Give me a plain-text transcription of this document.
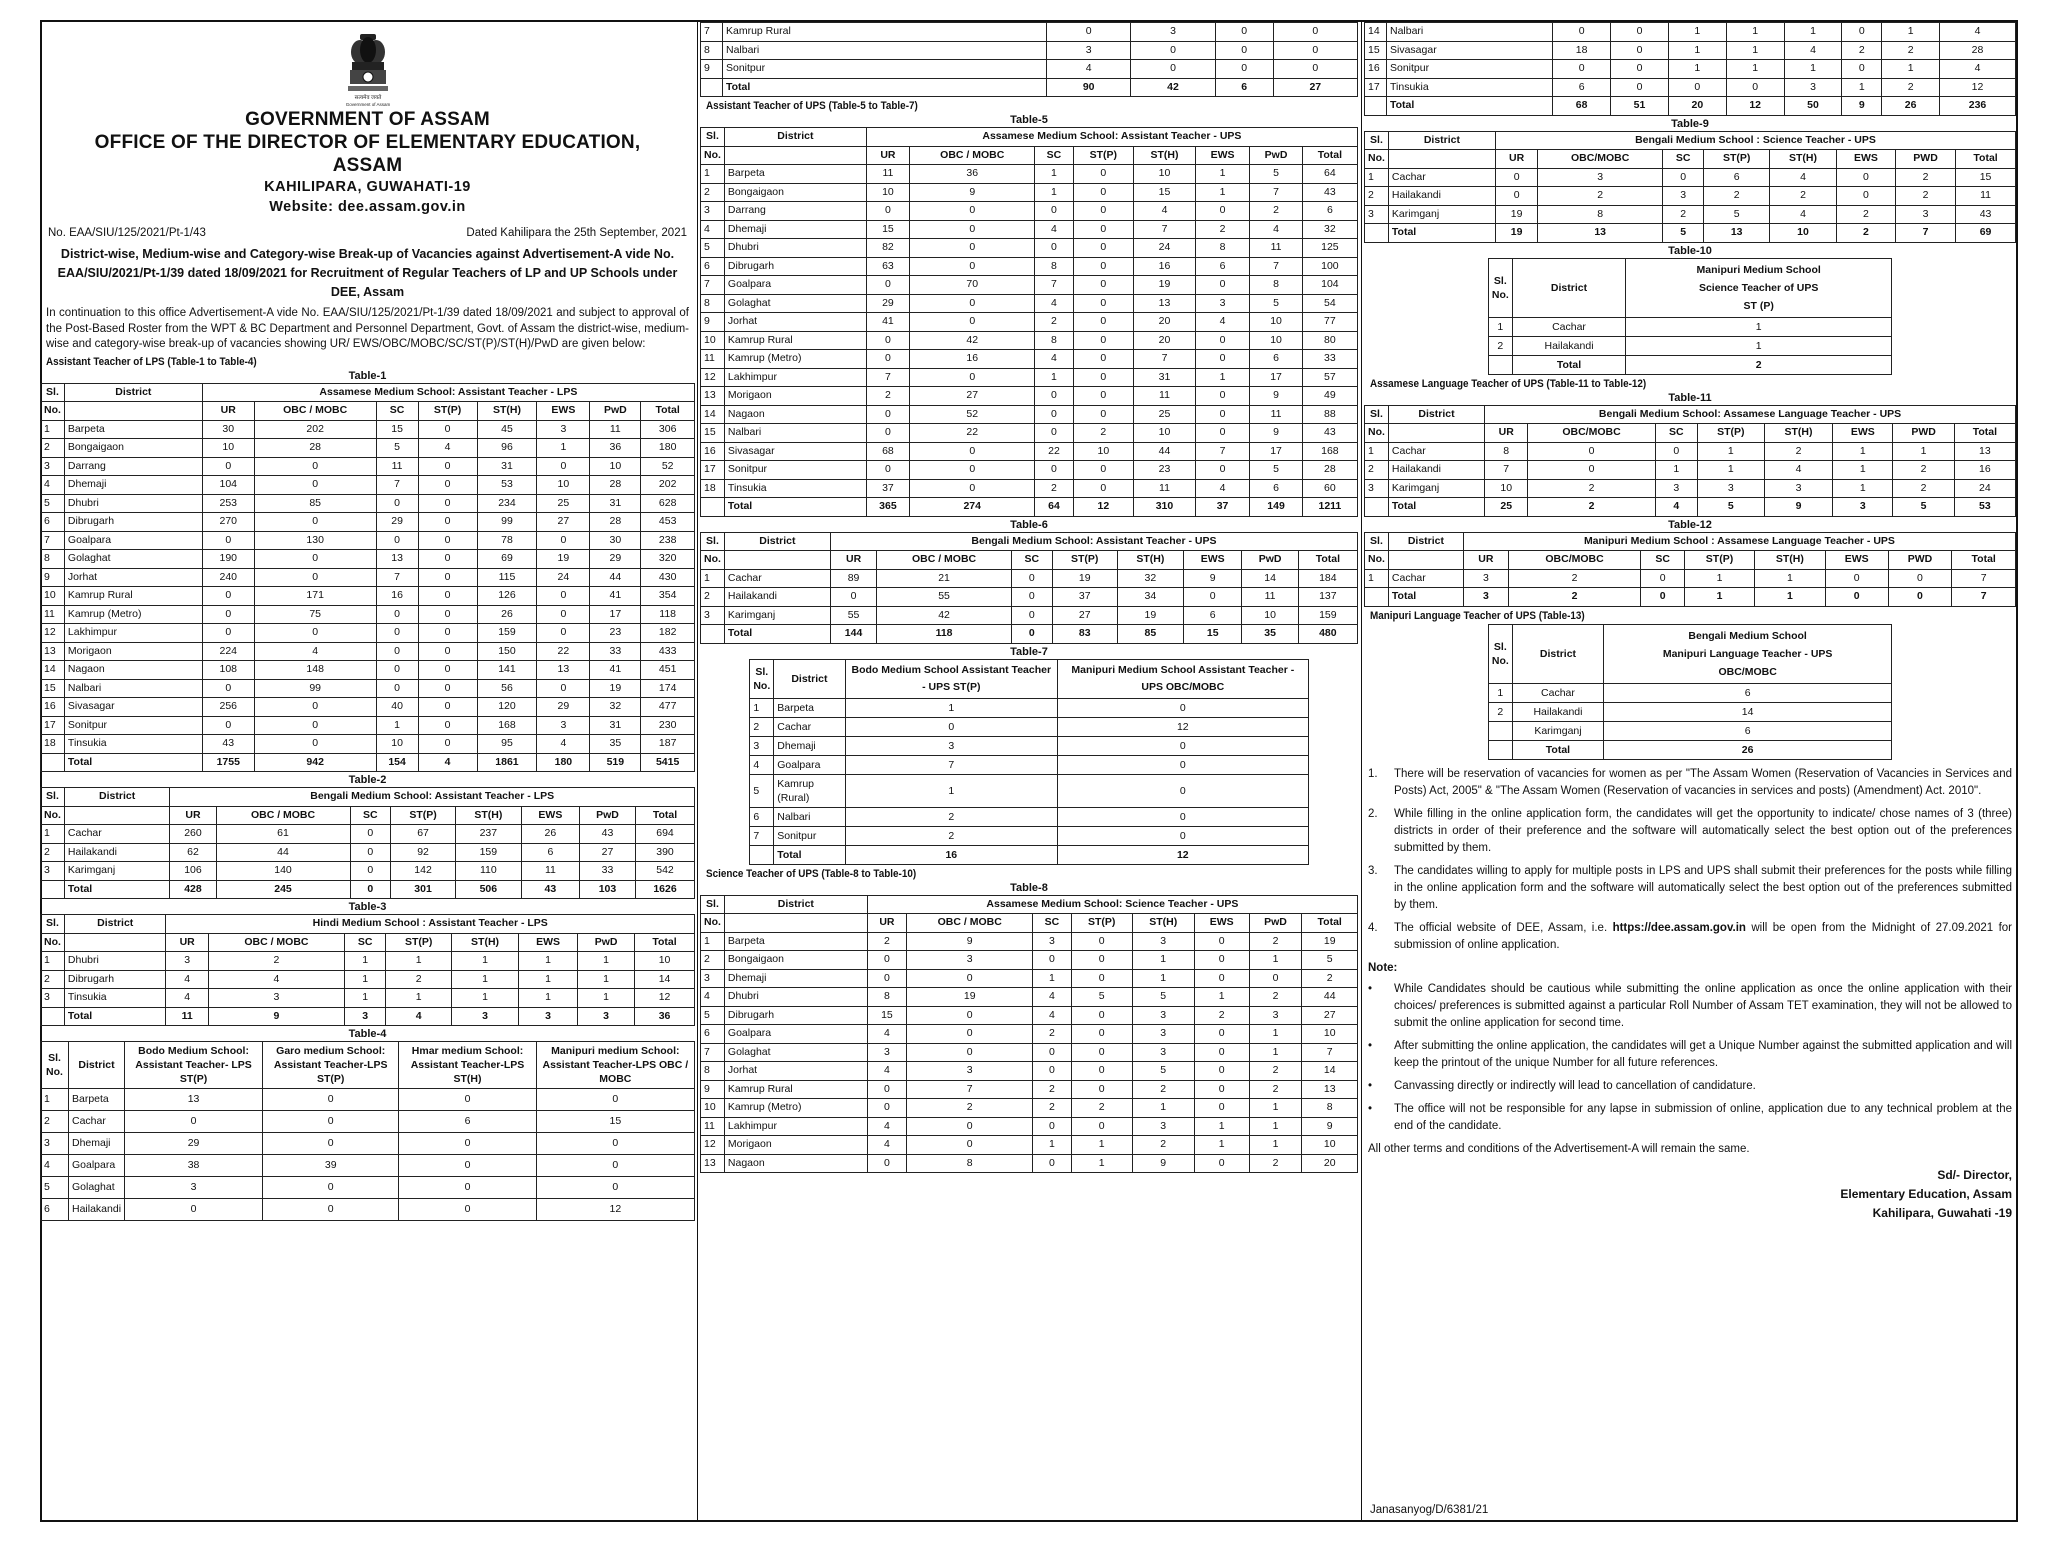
सत्यमेव जयते
Government of Assam
GOVERNMENT OF ASSAM
OFFICE OF THE DIRECTOR OF ELEMENTARY EDUCATION,
ASSAM
KAHILIPARA, GUWAHATI-19
Website: dee.assam.gov.in
No. EAA/SIU/125/2021/Pt-1/43	Dated Kahilipara the 25th September, 2021
District-wise, Medium-wise and Category-wise Break-up of Vacancies against Advertisement-A vide No. EAA/SIU/2021/Pt-1/39 dated 18/09/2021 for Recruitment of Regular Teachers of LP and UP Schools under DEE, Assam
In continuation to this office Advertisement-A vide No. EAA/SIU/125/2021/Pt-1/39 dated 18/09/2021 and subject to approval of the Post-Based Roster from the WPT & BC Department and Personnel Department, Govt. of Assam the district-wise, medium-wise and category-wise break-up of vacancies showing UR/ EWS/OBC/MOBC/SC/ST(P)/ST(H)/PwD are given below:
Assistant Teacher of LPS (Table-1 to Table-4)
Table-1
Sl.	District	Assamese Medium School: Assistant Teacher - LPS							
No.		UR	OBC / MOBC	SC	ST(P)	ST(H)	EWS	PwD	Total
1	Barpeta	30	202	15	0	45	3	11	306
2	Bongaigaon	10	28	5	4	96	1	36	180
3	Darrang	0	0	11	0	31	0	10	52
4	Dhemaji	104	0	7	0	53	10	28	202
5	Dhubri	253	85	0	0	234	25	31	628
6	Dibrugarh	270	0	29	0	99	27	28	453
7	Goalpara	0	130	0	0	78	0	30	238
8	Golaghat	190	0	13	0	69	19	29	320
9	Jorhat	240	0	7	0	115	24	44	430
10	Kamrup Rural	0	171	16	0	126	0	41	354
11	Kamrup (Metro)	0	75	0	0	26	0	17	118
12	Lakhimpur	0	0	0	0	159	0	23	182
13	Morigaon	224	4	0	0	150	22	33	433
14	Nagaon	108	148	0	0	141	13	41	451
15	Nalbari	0	99	0	0	56	0	19	174
16	Sivasagar	256	0	40	0	120	29	32	477
17	Sonitpur	0	0	1	0	168	3	31	230
18	Tinsukia	43	0	10	0	95	4	35	187
	Total	1755	942	154	4	1861	180	519	5415
Table-2
Sl.	District	Bengali Medium School: Assistant Teacher - LPS							
No.		UR	OBC / MOBC	SC	ST(P)	ST(H)	EWS	PwD	Total
1	Cachar	260	61	0	67	237	26	43	694
2	Hailakandi	62	44	0	92	159	6	27	390
3	Karimganj	106	140	0	142	110	11	33	542
	Total	428	245	0	301	506	43	103	1626
Table-3
Sl.	District	Hindi Medium School : Assistant Teacher - LPS							
No.		UR	OBC / MOBC	SC	ST(P)	ST(H)	EWS	PwD	Total
1	Dhubri	3	2	1	1	1	1	1	10
2	Dibrugarh	4	4	1	2	1	1	1	14
3	Tinsukia	4	3	1	1	1	1	1	12
	Total	11	9	3	4	3	3	3	36
Table-4
Sl. No.	District	Bodo Medium School: Assistant Teacher- LPS ST(P)	Garo medium School: Assistant Teacher-LPS ST(P)	Hmar medium School: Assistant Teacher-LPS ST(H)	Manipuri medium School: Assistant Teacher-LPS OBC / MOBC
1	Barpeta	13	0	0	0
2	Cachar	0	0	6	15
3	Dhemaji	29	0	0	0
4	Goalpara	38	39	0	0
5	Golaghat	3	0	0	0
6	Hailakandi	0	0	0	12
7	Kamrup Rural	0	3	0	0
8	Nalbari	3	0	0	0
9	Sonitpur	4	0	0	0
	Total	90	42	6	27
Assistant Teacher of UPS (Table-5 to Table-7)
Table-5
Sl.	District	Assamese Medium School: Assistant Teacher - UPS							
No.		UR	OBC / MOBC	SC	ST(P)	ST(H)	EWS	PwD	Total
1	Barpeta	11	36	1	0	10	1	5	64
2	Bongaigaon	10	9	1	0	15	1	7	43
3	Darrang	0	0	0	0	4	0	2	6
4	Dhemaji	15	0	4	0	7	2	4	32
5	Dhubri	82	0	0	0	24	8	11	125
6	Dibrugarh	63	0	8	0	16	6	7	100
7	Goalpara	0	70	7	0	19	0	8	104
8	Golaghat	29	0	4	0	13	3	5	54
9	Jorhat	41	0	2	0	20	4	10	77
10	Kamrup Rural	0	42	8	0	20	0	10	80
11	Kamrup (Metro)	0	16	4	0	7	0	6	33
12	Lakhimpur	7	0	1	0	31	1	17	57
13	Morigaon	2	27	0	0	11	0	9	49
14	Nagaon	0	52	0	0	25	0	11	88
15	Nalbari	0	22	0	2	10	0	9	43
16	Sivasagar	68	0	22	10	44	7	17	168
17	Sonitpur	0	0	0	0	23	0	5	28
18	Tinsukia	37	0	2	0	11	4	6	60
	Total	365	274	64	12	310	37	149	1211
Table-6
Sl.	District	Bengali Medium School: Assistant Teacher - UPS							
No.		UR	OBC / MOBC	SC	ST(P)	ST(H)	EWS	PwD	Total
1	Cachar	89	21	0	19	32	9	14	184
2	Hailakandi	0	55	0	37	34	0	11	137
3	Karimganj	55	42	0	27	19	6	10	159
	Total	144	118	0	83	85	15	35	480
Table-7
Sl. No.	District	Bodo Medium School Assistant Teacher - UPS ST(P)	Manipuri Medium School Assistant Teacher - UPS OBC/MOBC
1	Barpeta	1	0
2	Cachar	0	12
3	Dhemaji	3	0
4	Goalpara	7	0
5	Kamrup (Rural)	1	0
6	Nalbari	2	0
7	Sonitpur	2	0
	Total	16	12
Science Teacher of UPS (Table-8 to Table-10)
Table-8
Sl.	District	Assamese Medium School: Science Teacher - UPS							
No.		UR	OBC / MOBC	SC	ST(P)	ST(H)	EWS	PwD	Total
1	Barpeta	2	9	3	0	3	0	2	19
2	Bongaigaon	0	3	0	0	1	0	1	5
3	Dhemaji	0	0	1	0	1	0	0	2
4	Dhubri	8	19	4	5	5	1	2	44
5	Dibrugarh	15	0	4	0	3	2	3	27
6	Goalpara	4	0	2	0	3	0	1	10
7	Golaghat	3	0	0	0	3	0	1	7
8	Jorhat	4	3	0	0	5	0	2	14
9	Kamrup Rural	0	7	2	0	2	0	2	13
10	Kamrup (Metro)	0	2	2	2	1	0	1	8
11	Lakhimpur	4	0	0	0	3	1	1	9
12	Morigaon	4	0	1	1	2	1	1	10
13	Nagaon	0	8	0	1	9	0	2	20
14	Nalbari	0	0	1	1	1	0	1	4
15	Sivasagar	18	0	1	1	4	2	2	28
16	Sonitpur	0	0	1	1	1	0	1	4
17	Tinsukia	6	0	0	0	3	1	2	12
	Total	68	51	20	12	50	9	26	236
Table-9
Sl.	District	Bengali Medium School : Science Teacher - UPS							
No.		UR	OBC/MOBC	SC	ST(P)	ST(H)	EWS	PWD	Total
1	Cachar	0	3	0	6	4	0	2	15
2	Hailakandi	0	2	3	2	2	0	2	11
3	Karimganj	19	8	2	5	4	2	3	43
	Total	19	13	5	13	10	2	7	69
Table-10
Sl. No.	District	Manipuri Medium School
Science Teacher of UPS
ST (P)

1	Cachar	1
2	Hailakandi	1
	Total	2
Assamese Language Teacher of UPS (Table-11 to Table-12)
Table-11
Sl.	District	Bengali Medium School: Assamese Language Teacher - UPS							
No.		UR	OBC/MOBC	SC	ST(P)	ST(H)	EWS	PWD	Total
1	Cachar	8	0	0	1	2	1	1	13
2	Hailakandi	7	0	1	1	4	1	2	16
3	Karimganj	10	2	3	3	3	1	2	24
	Total	25	2	4	5	9	3	5	53
Table-12
Sl.	District	Manipuri Medium School : Assamese Language Teacher - UPS							
No.		UR	OBC/MOBC	SC	ST(P)	ST(H)	EWS	PWD	Total
1	Cachar	3	2	0	1	1	0	0	7
	Total	3	2	0	1	1	0	0	7
Manipuri Language Teacher of UPS (Table-13)
Sl. No.	District	Bengali Medium School
Manipuri Language Teacher - UPS
OBC/MOBC

1	Cachar	6
2	Hailakandi	14
	Karimganj	6
	Total	26
1.	There will be reservation of vacancies for women as per "The Assam Women (Reservation of Vacancies in Services and Posts) Act, 2005" & "The Assam Women (Reservation of vacancies in services and posts) (Amendment) Act. 2010".
2.	While filling in the online application form, the candidates will get the opportunity to indicate/ chose names of 3 (three) districts in order of their preference and the software will automatically select the best option out of the preferences submitted by them.
3.	The candidates willing to apply for multiple posts in LPS and UPS shall submit their preferences for the posts while filling in the online application form and the software will automatically select the best option out of the preferences submitted by them.
4.	The official website of DEE, Assam, i.e. https://dee.assam.gov.in will be open from the Midnight of 27.09.2021 for submission of online application.
Note:
•	While Candidates should be cautious while submitting the online application as once the online application with their choices/ preferences is submitted against a particular Roll Number of Assam TET examination, they will not be allowed to submit the online application for second time.
•	After submitting the online application, the candidates will get a Unique Number against the submitted application and will keep the printout of the unique Number for all future references.
•	Canvassing directly or indirectly will lead to cancellation of candidature.
•	The office will not be responsible for any lapse in submission of online, application due to any technical problem at the end of the candidate.
All other terms and conditions of the Advertisement-A will remain the same.
Sd/- Director,
Elementary Education, Assam
Kahilipara, Guwahati -19
Janasanyog/D/6381/21
